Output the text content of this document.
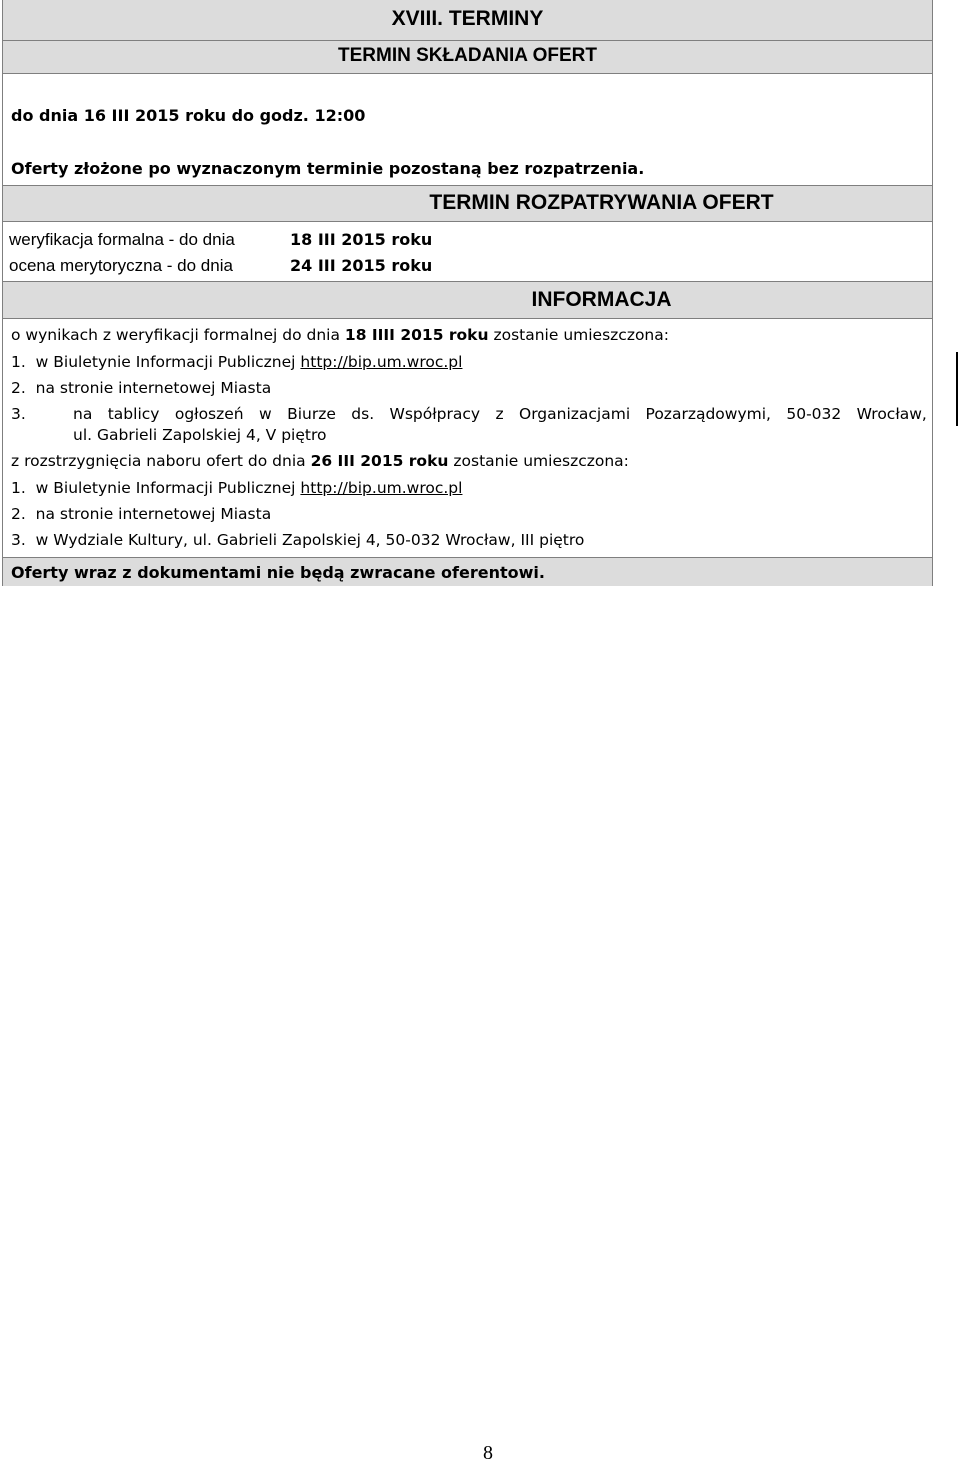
XVIII. TERMINY
TERMIN SKŁADANIA OFERT
do dnia 16 III 2015 roku do godz. 12:00
Oferty złożone po wyznaczonym terminie pozostaną bez rozpatrzenia.
TERMIN ROZPATRYWANIA OFERT
weryfikacja formalna - do dnia	18 III 2015 roku
ocena merytoryczna - do dnia	24 III 2015 roku
INFORMACJA
o wynikach z weryfikacji formalnej do dnia 18 IIII 2015 roku zostanie umieszczona:
1. w Biuletynie Informacji Publicznej http://bip.um.wroc.pl
2. na stronie internetowej Miasta
3.	na tablicy ogłoszeń w Biurze ds. Współpracy z Organizacjami Pozarządowymi, 50-032 Wrocław,
ul. Gabrieli Zapolskiej 4, V piętro
z rozstrzygnięcia naboru ofert do dnia 26 III 2015 roku zostanie umieszczona:
1. w Biuletynie Informacji Publicznej http://bip.um.wroc.pl
2. na stronie internetowej Miasta
3. w Wydziale Kultury, ul. Gabrieli Zapolskiej 4, 50-032 Wrocław, III piętro
Oferty wraz z dokumentami nie będą zwracane oferentowi.
8
